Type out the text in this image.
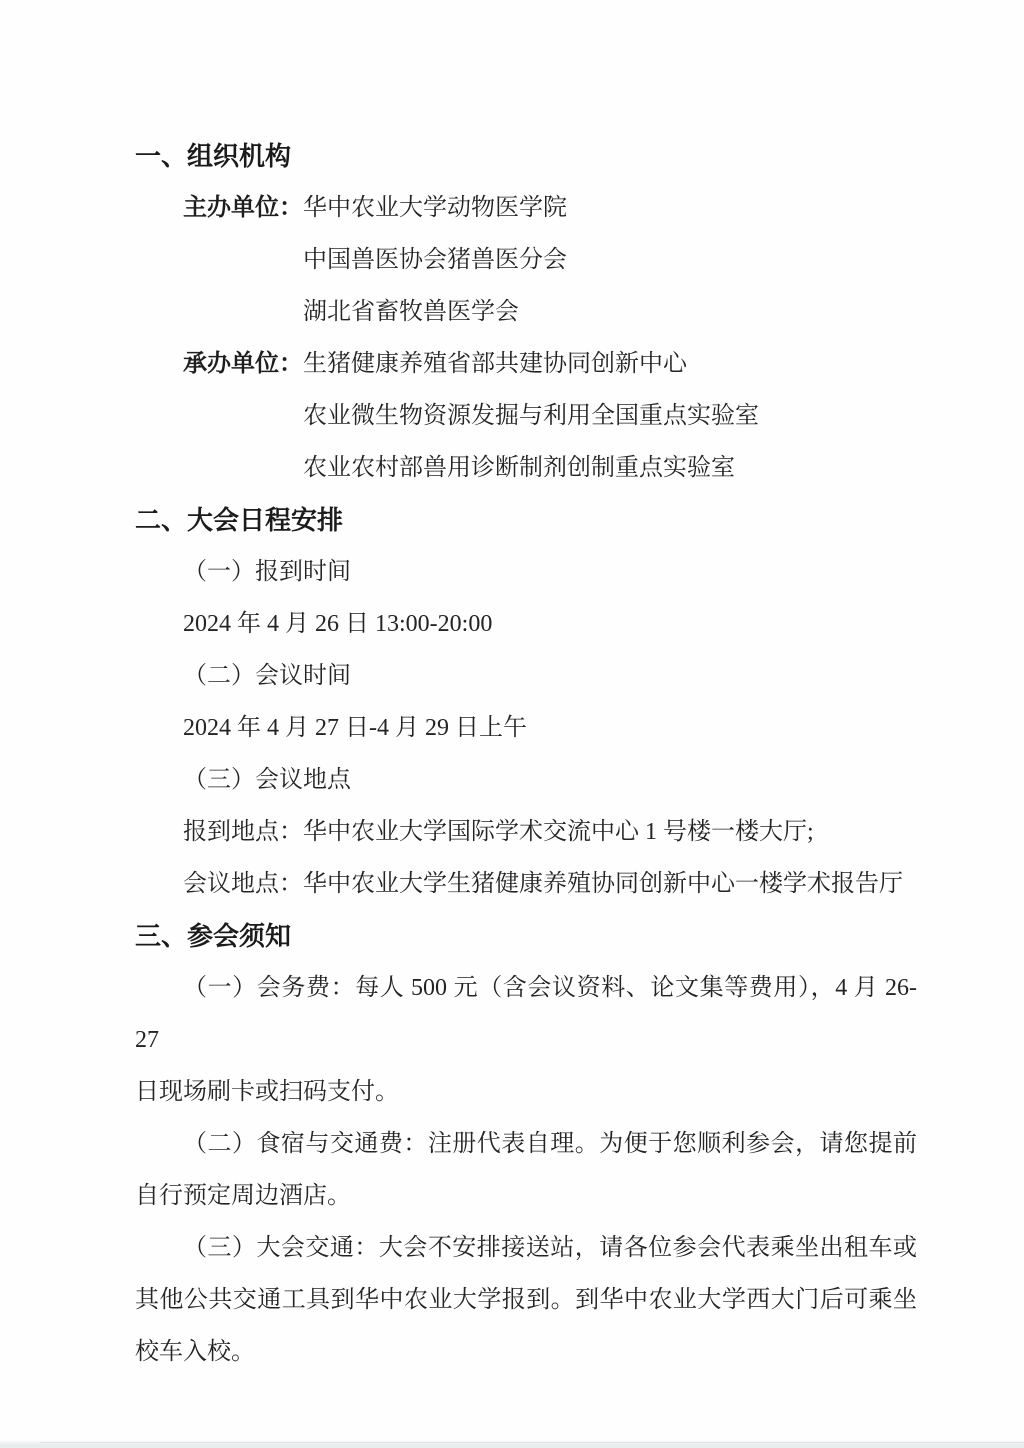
一、组织机构
主办单位： 华中农业大学动物医学院
中国兽医协会猪兽医分会
湖北省畜牧兽医学会
承办单位： 生猪健康养殖省部共建协同创新中心
农业微生物资源发掘与利用全国重点实验室
农业农村部兽用诊断制剂创制重点实验室
二、大会日程安排
（一）报到时间
2024 年 4 月 26 日 13:00-20:00
（二）会议时间
2024 年 4 月 27 日-4 月 29 日上午
（三）会议地点
报到地点：华中农业大学国际学术交流中心 1 号楼一楼大厅;
会议地点：华中农业大学生猪健康养殖协同创新中心一楼学术报告厅
三、参会须知
（一）会务费：每人 500 元（含会议资料、论文集等费用），4 月 26-27
日现场刷卡或扫码支付。
（二）食宿与交通费：注册代表自理。为便于您顺利参会，请您提前
自行预定周边酒店。
（三）大会交通：大会不安排接送站，请各位参会代表乘坐出租车或
其他公共交通工具到华中农业大学报到。到华中农业大学西大门后可乘坐
校车入校。
